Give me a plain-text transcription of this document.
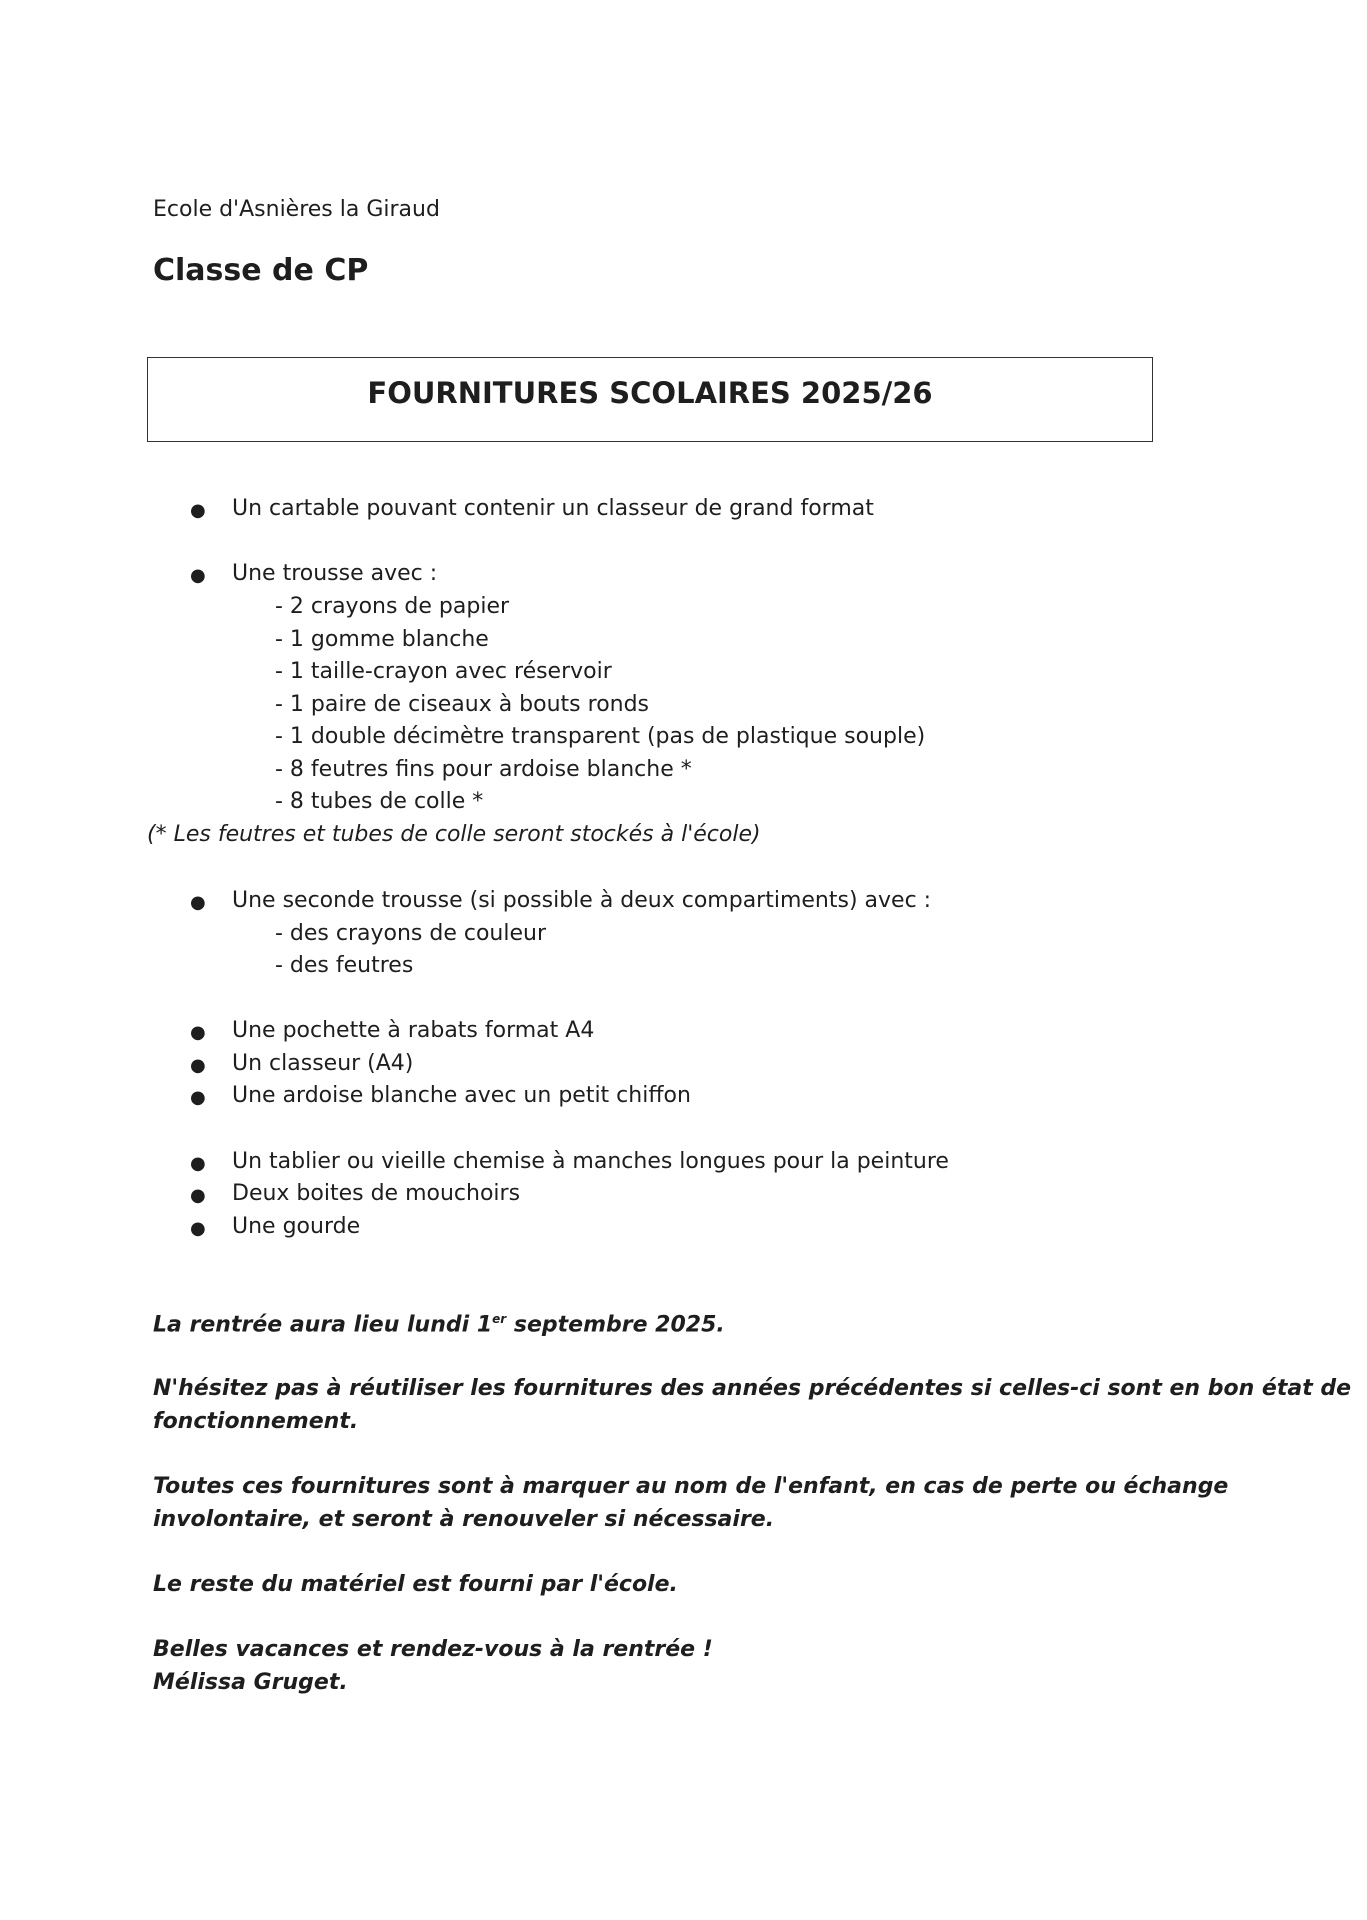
Ecole d'Asnières la Giraud
Classe de CP
FOURNITURES SCOLAIRES 2025/26
● Un cartable pouvant contenir un classeur de grand format
● Une trousse avec :
- 2 crayons de papier
- 1 gomme blanche
- 1 taille-crayon avec réservoir
- 1 paire de ciseaux à bouts ronds
- 1 double décimètre transparent (pas de plastique souple)
- 8 feutres fins pour ardoise blanche *
- 8 tubes de colle *
(* Les feutres et tubes de colle seront stockés à l'école)
● Une seconde trousse (si possible à deux compartiments) avec :
- des crayons de couleur
- des feutres
● Une pochette à rabats format A4
● Un classeur (A4)
● Une ardoise blanche avec un petit chiffon
● Un tablier ou vieille chemise à manches longues pour la peinture
● Deux boites de mouchoirs
● Une gourde
La rentrée aura lieu lundi 1er septembre 2025.
N'hésitez pas à réutiliser les fournitures des années précédentes si celles-ci sont en bon état de
fonctionnement.
Toutes ces fournitures sont à marquer au nom de l'enfant, en cas de perte ou échange
involontaire, et seront à renouveler si nécessaire.
Le reste du matériel est fourni par l'école.
Belles vacances et rendez-vous à la rentrée !
Mélissa Gruget.
